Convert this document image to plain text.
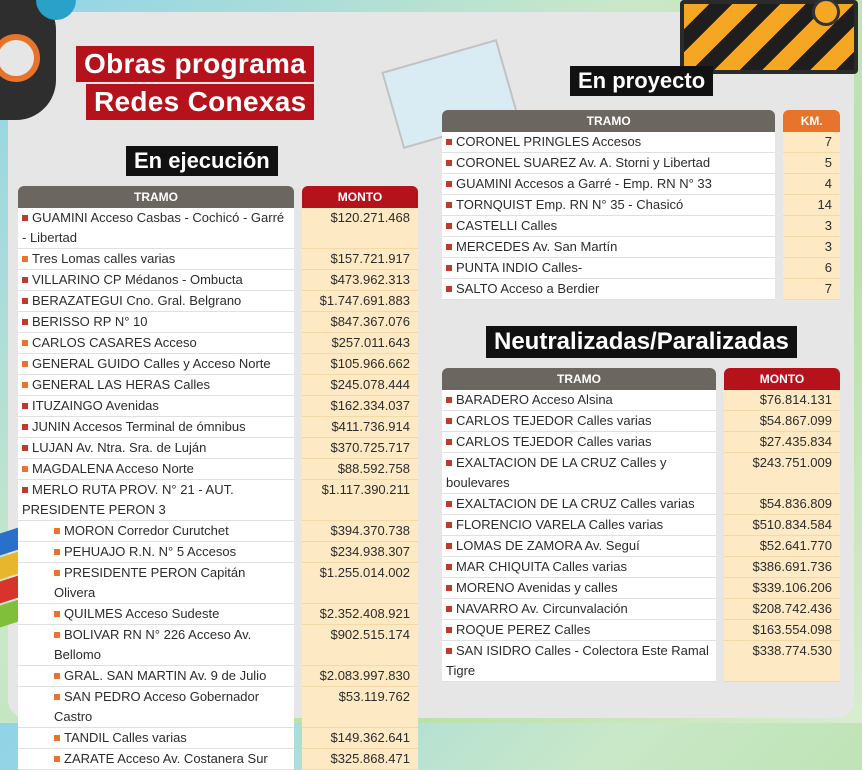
Obras programa
Redes Conexas
En ejecución
En proyecto
Neutralizadas/Paralizadas
TRAMO		MONTO
GUAMINI Acceso Casbas - Cochicó - Garré - Libertad		$120.271.468
Tres Lomas calles varias		$157.721.917
VILLARINO CP Médanos - Ombucta		$473.962.313
BERAZATEGUI Cno. Gral. Belgrano		$1.747.691.883
BERISSO RP N° 10		$847.367.076
CARLOS CASARES Acceso		$257.011.643
GENERAL GUIDO Calles y Acceso Norte		$105.966.662
GENERAL LAS HERAS Calles		$245.078.444
ITUZAINGO Avenidas		$162.334.037
JUNIN Accesos Terminal de ómnibus		$411.736.914
LUJAN Av. Ntra. Sra. de Luján		$370.725.717
MAGDALENA Acceso Norte		$88.592.758
MERLO RUTA PROV. N° 21 - AUT. PRESIDENTE PERON 3		$1.117.390.211
MORON Corredor Curutchet		$394.370.738
PEHUAJO R.N. N° 5 Accesos		$234.938.307
PRESIDENTE PERON Capitán Olivera		$1.255.014.002
QUILMES Acceso Sudeste		$2.352.408.921
BOLIVAR RN N° 226 Acceso Av. Bellomo		$902.515.174
GRAL. SAN MARTIN Av. 9 de Julio		$2.083.997.830
SAN PEDRO Acceso Gobernador Castro		$53.119.762
TANDIL Calles varias		$149.362.641
ZARATE Acceso Av. Costanera Sur		$325.868.471
TRAMO		KM.
CORONEL PRINGLES Accesos		7
CORONEL SUAREZ Av. A. Storni y Libertad		5
GUAMINI Accesos a Garré - Emp. RN N° 33		4
TORNQUIST Emp. RN N° 35 - Chasicó		14
CASTELLI Calles		3
MERCEDES Av. San Martín		3
PUNTA INDIO Calles-		6
SALTO Acceso a Berdier		7
TRAMO		MONTO
BARADERO Acceso Alsina		$76.814.131
CARLOS TEJEDOR Calles varias		$54.867.099
CARLOS TEJEDOR Calles varias		$27.435.834
EXALTACION DE LA CRUZ Calles y boulevares		$243.751.009
EXALTACION DE LA CRUZ Calles varias		$54.836.809
FLORENCIO VARELA Calles varias		$510.834.584
LOMAS DE ZAMORA Av. Seguí		$52.641.770
MAR CHIQUITA Calles varias		$386.691.736
MORENO Avenidas y calles		$339.106.206
NAVARRO Av. Circunvalación		$208.742.436
ROQUE PEREZ Calles		$163.554.098
SAN ISIDRO Calles - Colectora Este Ramal Tigre		$338.774.530
